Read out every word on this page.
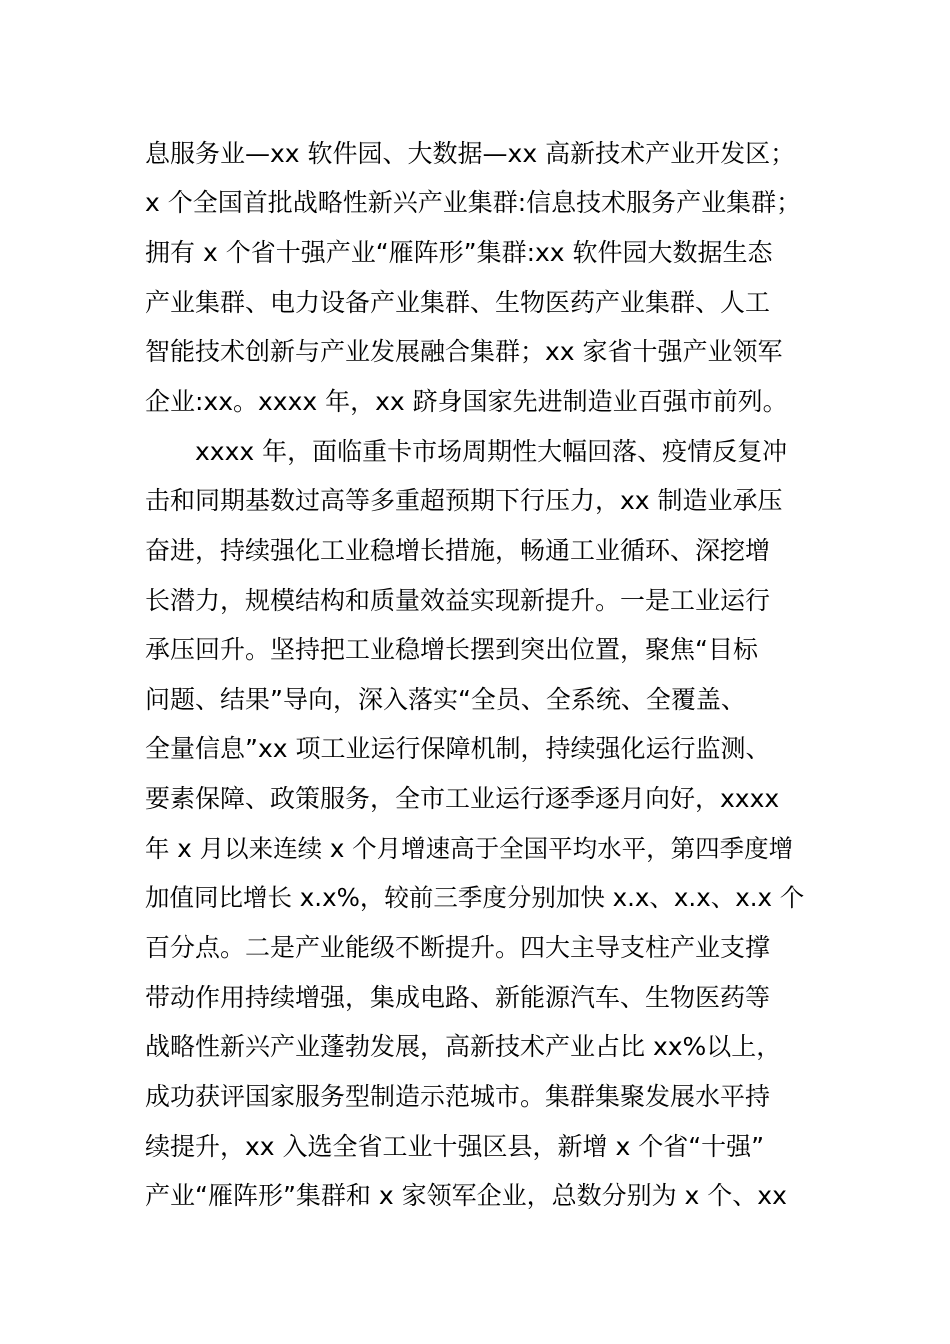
息服务业—xx 软件园、大数据—xx 高新技术产业开发区；
x 个全国首批战略性新兴产业集群:信息技术服务产业集群；
拥有 x 个省十强产业“雁阵形”集群:xx 软件园大数据生态
产业集群、电力设备产业集群、生物医药产业集群、人工
智能技术创新与产业发展融合集群；xx 家省十强产业领军
企业:xx。xxxx 年，xx 跻身国家先进制造业百强市前列。
xxxx 年，面临重卡市场周期性大幅回落、疫情反复冲
击和同期基数过高等多重超预期下行压力，xx 制造业承压
奋进，持续强化工业稳增长措施，畅通工业循环、深挖增
长潜力，规模结构和质量效益实现新提升。一是工业运行
承压回升。坚持把工业稳增长摆到突出位置，聚焦“目标
问题、结果”导向，深入落实“全员、全系统、全覆盖、
全量信息”xx 项工业运行保障机制，持续强化运行监测、
要素保障、政策服务，全市工业运行逐季逐月向好，xxxx
年 x 月以来连续 x 个月增速高于全国平均水平，第四季度增
加值同比增长 x.x%，较前三季度分别加快 x.x、x.x、x.x 个
百分点。二是产业能级不断提升。四大主导支柱产业支撑
带动作用持续增强，集成电路、新能源汽车、生物医药等
战略性新兴产业蓬勃发展，高新技术产业占比 xx%以上，
成功获评国家服务型制造示范城市。集群集聚发展水平持
续提升，xx 入选全省工业十强区县，新增 x 个省“十强”
产业“雁阵形”集群和 x 家领军企业，总数分别为 x 个、xx
